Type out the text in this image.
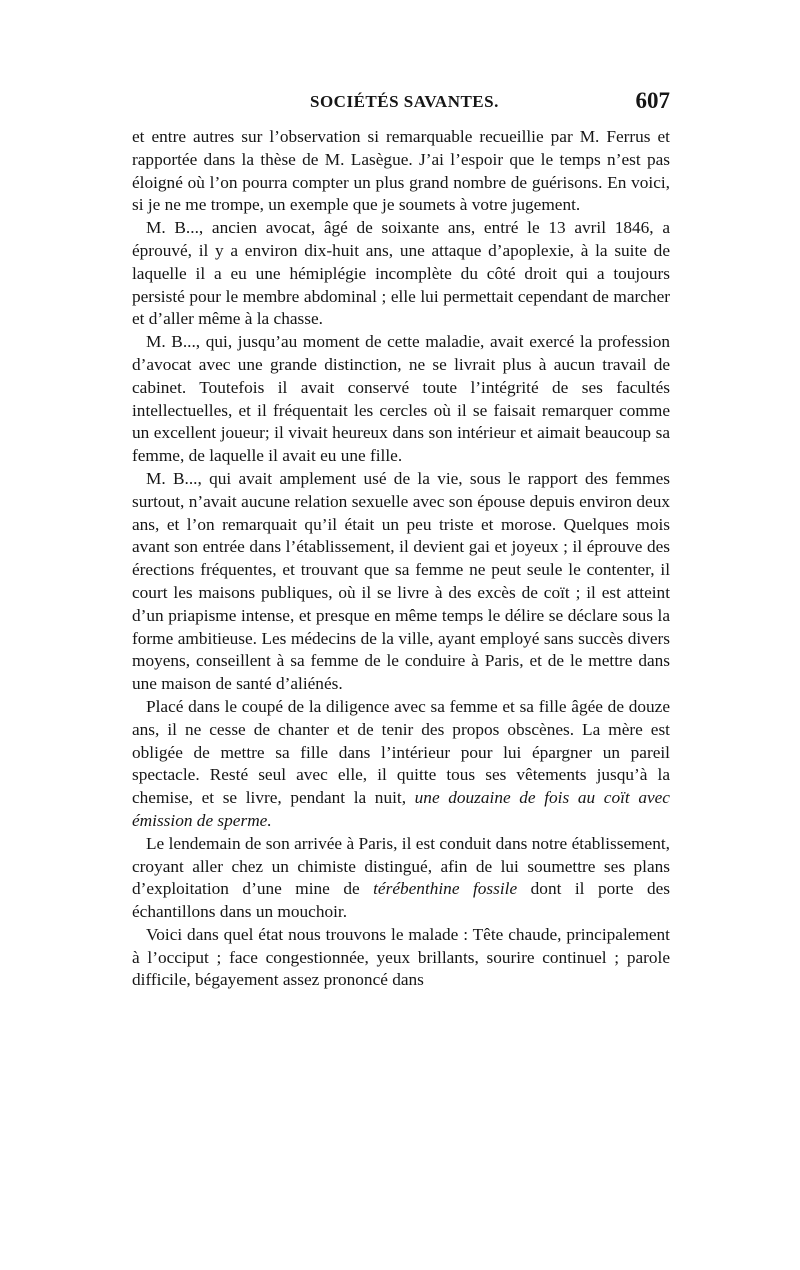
SOCIÉTÉS SAVANTES.	607

et entre autres sur l’observation si remarquable recueillie par M. Ferrus et rapportée dans la thèse de M. Lasègue. J’ai l’espoir que le temps n’est pas éloigné où l’on pourra compter un plus grand nombre de guérisons. En voici, si je ne me trompe, un exemple que je soumets à votre jugement.

M. B..., ancien avocat, âgé de soixante ans, entré le 13 avril 1846, a éprouvé, il y a environ dix-huit ans, une attaque d’apoplexie, à la suite de laquelle il a eu une hémiplégie incomplète du côté droit qui a toujours persisté pour le membre abdominal ; elle lui permettait cependant de marcher et d’aller même à la chasse.

M. B..., qui, jusqu’au moment de cette maladie, avait exercé la profession d’avocat avec une grande distinction, ne se livrait plus à aucun travail de cabinet. Toutefois il avait conservé toute l’intégrité de ses facultés intellectuelles, et il fréquentait les cercles où il se faisait remarquer comme un excellent joueur; il vivait heureux dans son intérieur et aimait beaucoup sa femme, de laquelle il avait eu une fille.

M. B..., qui avait amplement usé de la vie, sous le rapport des femmes surtout, n’avait aucune relation sexuelle avec son épouse depuis environ deux ans, et l’on remarquait qu’il était un peu triste et morose. Quelques mois avant son entrée dans l’établissement, il devient gai et joyeux ; il éprouve des érections fréquentes, et trouvant que sa femme ne peut seule le contenter, il court les maisons publiques, où il se livre à des excès de coït ; il est atteint d’un priapisme intense, et presque en même temps le délire se déclare sous la forme ambitieuse. Les médecins de la ville, ayant employé sans succès divers moyens, conseillent à sa femme de le conduire à Paris, et de le mettre dans une maison de santé d’aliénés.

Placé dans le coupé de la diligence avec sa femme et sa fille âgée de douze ans, il ne cesse de chanter et de tenir des propos obscènes. La mère est obligée de mettre sa fille dans l’intérieur pour lui épargner un pareil spectacle. Resté seul avec elle, il quitte tous ses vêtements jusqu’à la chemise, et se livre, pendant la nuit, une douzaine de fois au coït avec émission de sperme.

Le lendemain de son arrivée à Paris, il est conduit dans notre établissement, croyant aller chez un chimiste distingué, afin de lui soumettre ses plans d’exploitation d’une mine de térébenthine fossile dont il porte des échantillons dans un mouchoir.

Voici dans quel état nous trouvons le malade : Tête chaude, principalement à l’occiput ; face congestionnée, yeux brillants, sourire continuel ; parole difficile, bégayement assez prononcé dans
